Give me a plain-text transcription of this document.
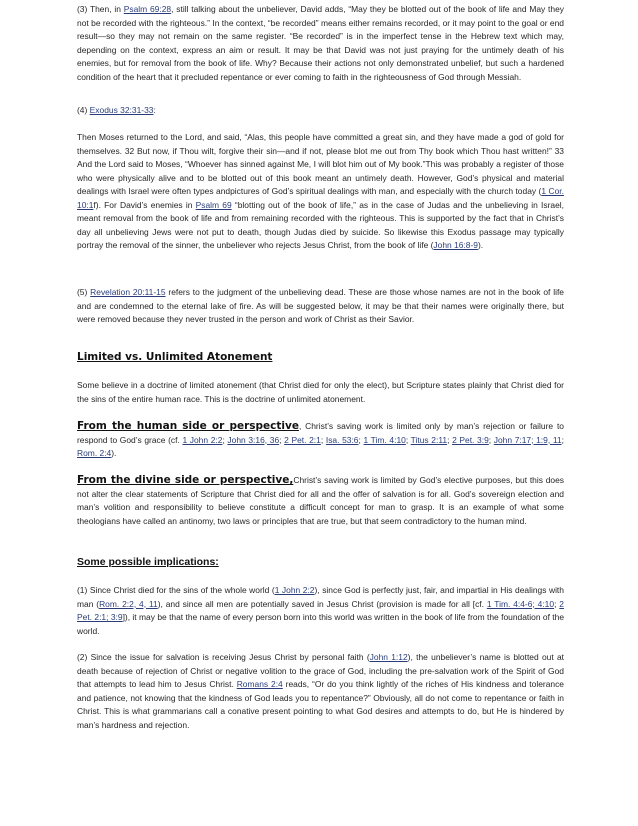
(3) Then, in Psalm 69:28, still talking about the unbeliever, David adds, “May they be blotted out of the book of life and May they not be recorded with the righteous.” In the context, “be recorded” means either remains recorded, or it may point to the goal or end result—so they may not remain on the same register. “Be recorded” is in the imperfect tense in the Hebrew text which may, depending on the context, express an aim or result. It may be that David was not just praying for the untimely death of his enemies, but for removal from the book of life. Why? Because their actions not only demonstrated unbelief, but such a hardened condition of the heart that it precluded repentance or ever coming to faith in the righteousness of God through Messiah.

(4) Exodus 32:31-33:

Then Moses returned to the Lord, and said, “Alas, this people have committed a great sin, and they have made a god of gold for themselves. 32 But now, if Thou wilt, forgive their sin—and if not, please blot me out from Thy book which Thou hast written!” 33 And the Lord said to Moses, “Whoever has sinned against Me, I will blot him out of My book.”This was probably a register of those who were physically alive and to be blotted out of this book meant an untimely death. However, God’s physical and material dealings with Israel were often types andpictures of God’s spiritual dealings with man, and especially with the church today (1 Cor. 10:1f). For David’s enemies in Psalm 69 “blotting out of the book of life,” as in the case of Judas and the unbelieving in Israel, meant removal from the book of life and from remaining recorded with the righteous. This is supported by the fact that in Christ’s day all unbelieving Jews were not put to death, though Judas died by suicide. So likewise this Exodus passage may typically portray the removal of the sinner, the unbeliever who rejects Jesus Christ, from the book of life (John 16:8-9).

(5) Revelation 20:11-15 refers to the judgment of the unbelieving dead. These are those whose names are not in the book of life and are condemned to the eternal lake of fire. As will be suggested below, it may be that their names were originally there, but were removed because they never trusted in the person and work of Christ as their Savior.

Limited vs. Unlimited Atonement

Some believe in a doctrine of limited atonement (that Christ died for only the elect), but Scripture states plainly that Christ died for the sins of the entire human race. This is the doctrine of unlimited atonement.

From the human side or perspective, Christ’s saving work is limited only by man’s rejection or failure to respond to God’s grace (cf. 1 John 2:2; John 3:16, 36; 2 Pet. 2:1; Isa. 53:6; 1 Tim. 4:10; Titus 2:11; 2 Pet. 3:9; John 7:17; 1:9, 11; Rom. 2:4).

From the divine side or perspective,Christ’s saving work is limited by God’s elective purposes, but this does not alter the clear statements of Scripture that Christ died for all and the offer of salvation is for all. God’s sovereign election and man’s volition and responsibility to believe constitute a difficult concept for man to grasp. It is an example of what some theologians have called an antinomy, two laws or principles that are true, but that seem contradictory to the human mind.

Some possible implications:

(1) Since Christ died for the sins of the whole world (1 John 2:2), since God is perfectly just, fair, and impartial in His dealings with man (Rom. 2:2, 4, 11), and since all men are potentially saved in Jesus Christ (provision is made for all [cf. 1 Tim. 4:4-6; 4:10; 2 Pet. 2:1; 3:9]), it may be that the name of every person born into this world was written in the book of life from the foundation of the world.

(2) Since the issue for salvation is receiving Jesus Christ by personal faith (John 1:12), the unbeliever’s name is blotted out at death because of rejection of Christ or negative volition to the grace of God, including the pre-salvation work of the Spirit of God that attempts to lead him to Jesus Christ. Romans 2:4 reads, “Or do you think lightly of the riches of His kindness and tolerance and patience, not knowing that the kindness of God leads you to repentance?” Obviously, all do not come to repentance or faith in Christ. This is what grammarians call a conative present pointing to what God desires and attempts to do, but He is hindered by man’s hardness and rejection.
